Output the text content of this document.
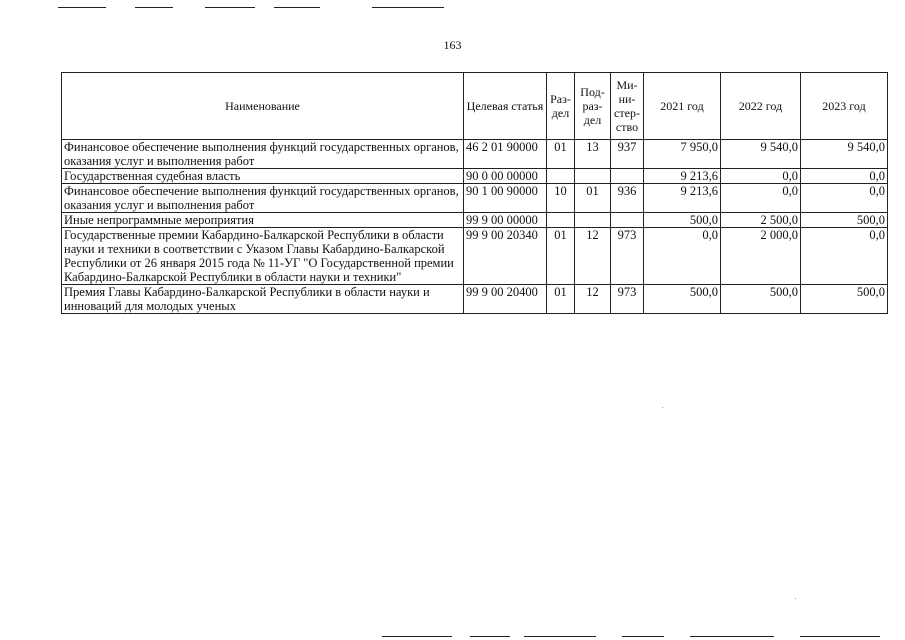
163
Наименование	Целевая статья	Раз-дел	Под-раз-дел	Ми-ни-стер-ство	2021 год	2022 год	2023 год
Финансовое обеспечение выполнения функций государственных органов, оказания услуг и выполнения работ	46 2 01 90000	01	13	937	7 950,0	9 540,0	9 540,0
Государственная судебная власть	90 0 00 00000				9 213,6	0,0	0,0
Финансовое обеспечение выполнения функций государственных органов, оказания услуг и выполнения работ	90 1 00 90000	10	01	936	9 213,6	0,0	0,0
Иные непрограммные мероприятия	99 9 00 00000				500,0	2 500,0	500,0
Государственные премии Кабардино-Балкарской Республики в области науки и техники в соответствии с Указом Главы Кабардино-Балкарской Республики от 26 января 2015 года № 11-УГ "О Государственной премии Кабардино-Балкарской Республики в области науки и техники"	99 9 00 20340	01	12	973	0,0	2 000,0	0,0
Премия Главы Кабардино-Балкарской Республики в области науки и инноваций для молодых ученых	99 9 00 20400	01	12	973	500,0	500,0	500,0
